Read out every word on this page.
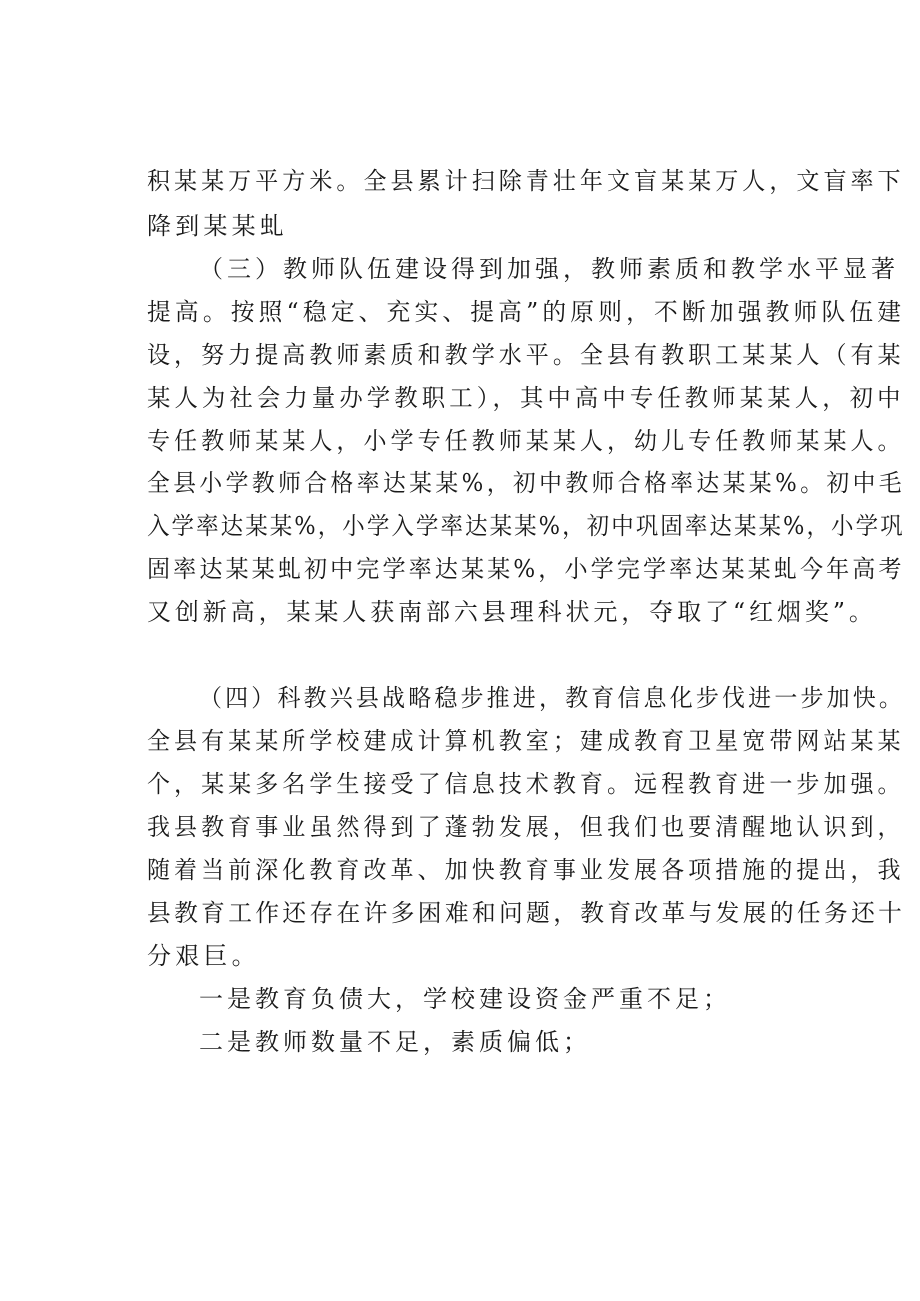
积某某万平方米。全县累计扫除青壮年文盲某某万人，文盲率下
降到某某虬
（三）教师队伍建设得到加强，教师素质和教学水平显著
提高。按照“稳定、充实、提高”的原则，不断加强教师队伍建
设，努力提高教师素质和教学水平。全县有教职工某某人（有某
某人为社会力量办学教职工），其中高中专任教师某某人，初中
专任教师某某人，小学专任教师某某人，幼儿专任教师某某人。
全县小学教师合格率达某某%，初中教师合格率达某某%。初中毛
入学率达某某%，小学入学率达某某%，初中巩固率达某某%，小学巩
固率达某某虬初中完学率达某某%，小学完学率达某某虬今年高考
又创新高，某某人获南部六县理科状元，夺取了“红烟奖”。
（四）科教兴县战略稳步推进，教育信息化步伐进一步加快。
全县有某某所学校建成计算机教室；建成教育卫星宽带网站某某
个，某某多名学生接受了信息技术教育。远程教育进一步加强。
我县教育事业虽然得到了蓬勃发展，但我们也要清醒地认识到，
随着当前深化教育改革、加快教育事业发展各项措施的提出，我
县教育工作还存在许多困难和问题，教育改革与发展的任务还十
分艰巨。
一是教育负债大，学校建设资金严重不足；
二是教师数量不足，素质偏低；
